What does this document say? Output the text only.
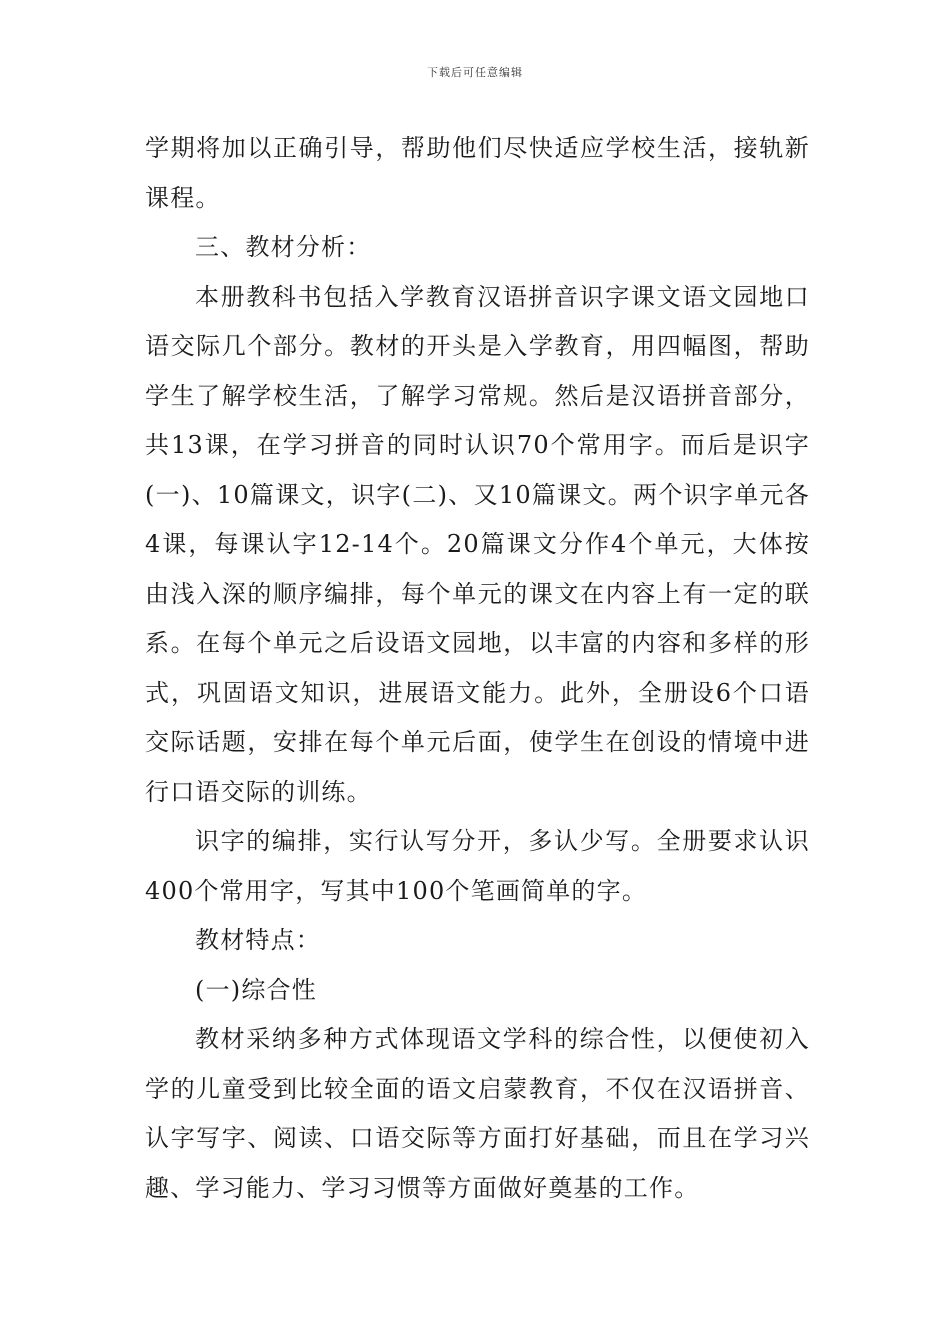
下载后可任意编辑

学期将加以正确引导，帮助他们尽快适应学校生活，接轨新课程。

三、教材分析：

本册教科书包括入学教育汉语拼音识字课文语文园地口语交际几个部分。教材的开头是入学教育，用四幅图，帮助学生了解学校生活，了解学习常规。然后是汉语拼音部分，共13课，在学习拼音的同时认识70个常用字。而后是识字(一)、10篇课文，识字(二)、又10篇课文。两个识字单元各4课，每课认字12-14个。20篇课文分作4个单元，大体按由浅入深的顺序编排，每个单元的课文在内容上有一定的联系。在每个单元之后设语文园地，以丰富的内容和多样的形式，巩固语文知识，进展语文能力。此外，全册设6个口语交际话题，安排在每个单元后面，使学生在创设的情境中进行口语交际的训练。

识字的编排，实行认写分开，多认少写。全册要求认识400个常用字，写其中100个笔画简单的字。

教材特点：

(一)综合性

教材采纳多种方式体现语文学科的综合性，以便使初入学的儿童受到比较全面的语文启蒙教育，不仅在汉语拼音、认字写字、阅读、口语交际等方面打好基础，而且在学习兴趣、学习能力、学习习惯等方面做好奠基的工作。
